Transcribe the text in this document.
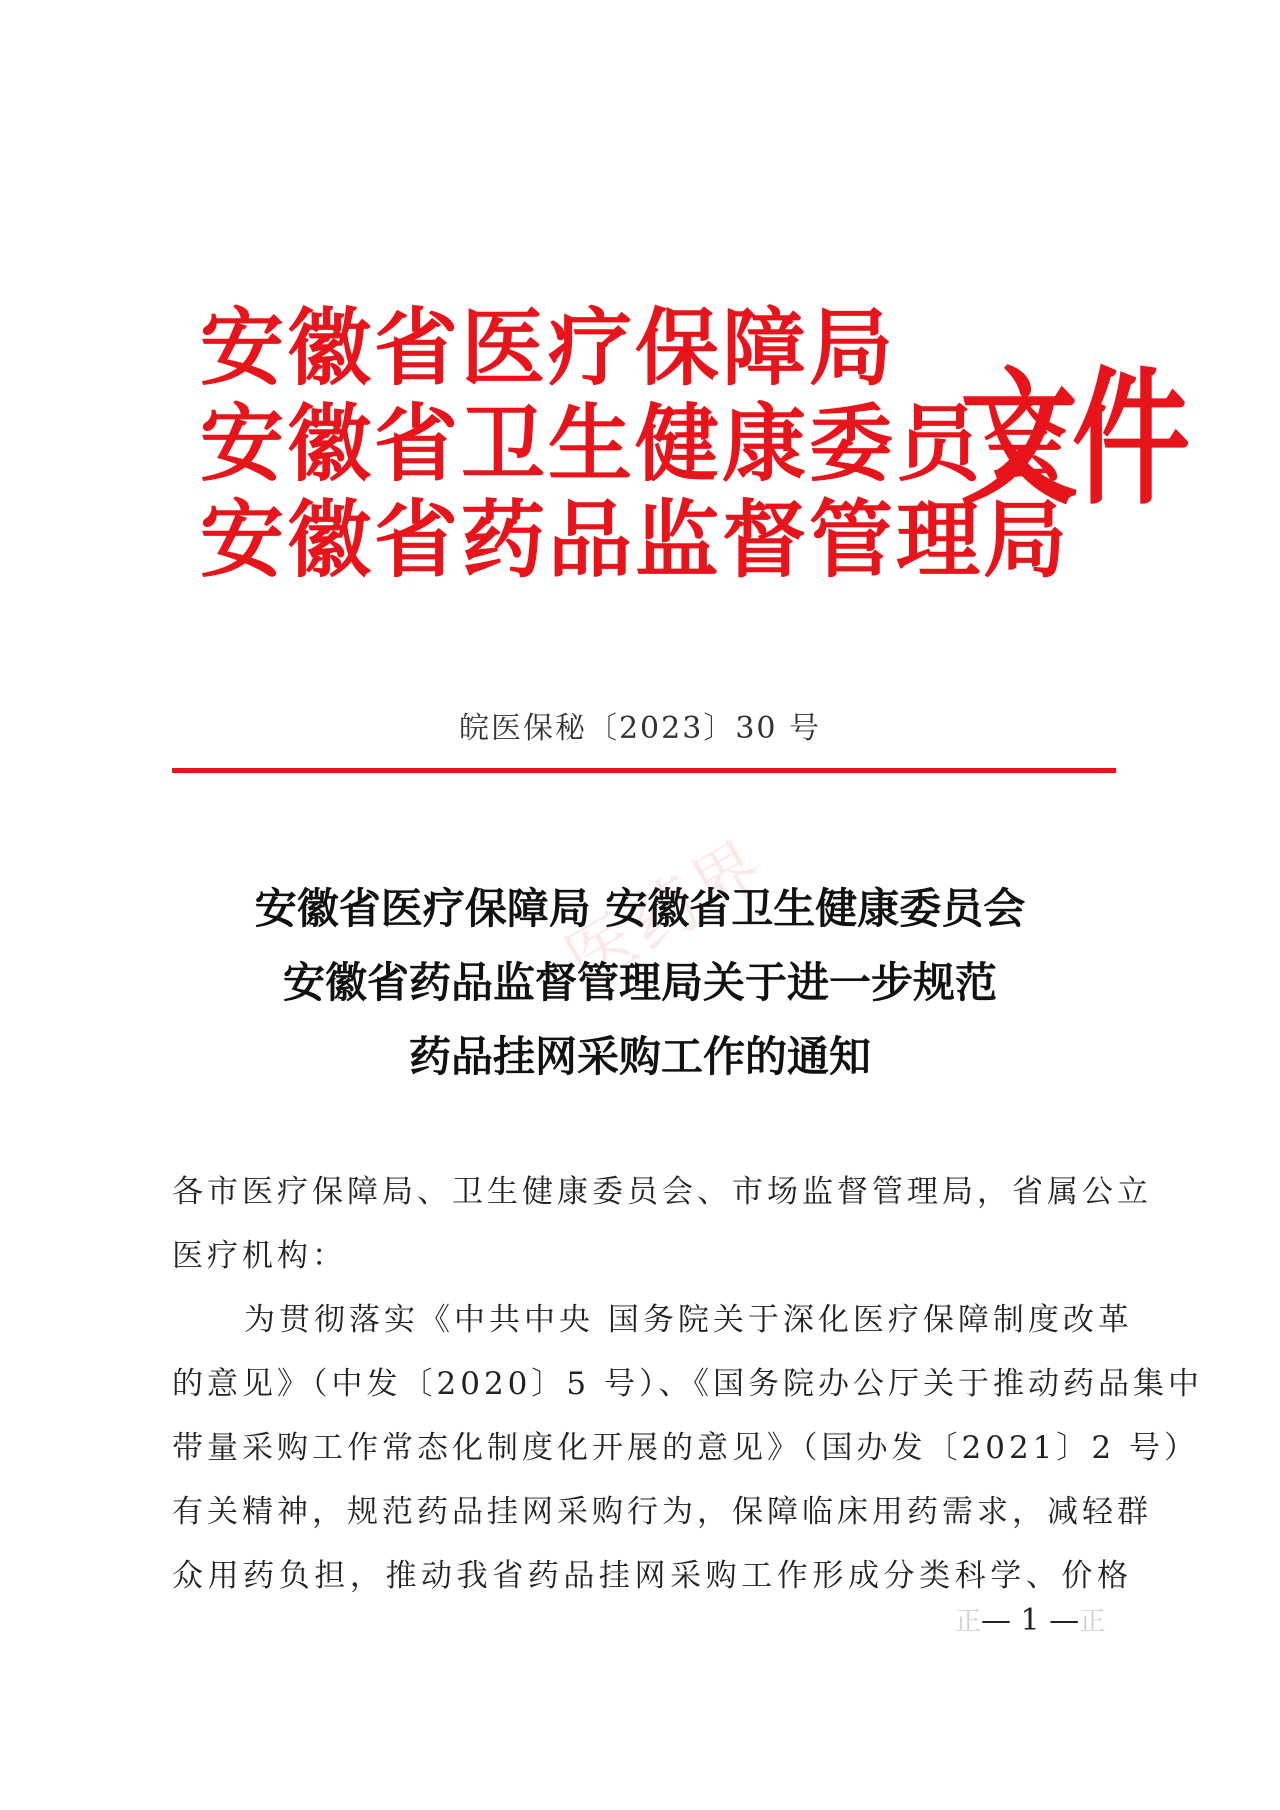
安徽省医疗保障局
安徽省卫生健康委员会
安徽省药品监督管理局
文件
皖医保秘〔2023〕30 号
医药界
安徽省医疗保障局 安徽省卫生健康委员会
安徽省药品监督管理局关于进一步规范
药品挂网采购工作的通知
各市医疗保障局、卫生健康委员会、市场监督管理局，省属公立
医疗机构：
为贯彻落实《中共中央 国务院关于深化医疗保障制度改革
的意见》（中发〔2020〕5 号）、《国务院办公厅关于推动药品集中
带量采购工作常态化制度化开展的意见》（国办发〔2021〕2 号）
有关精神，规范药品挂网采购行为，保障临床用药需求，减轻群
众用药负担，推动我省药品挂网采购工作形成分类科学、价格
正— 1 —正
